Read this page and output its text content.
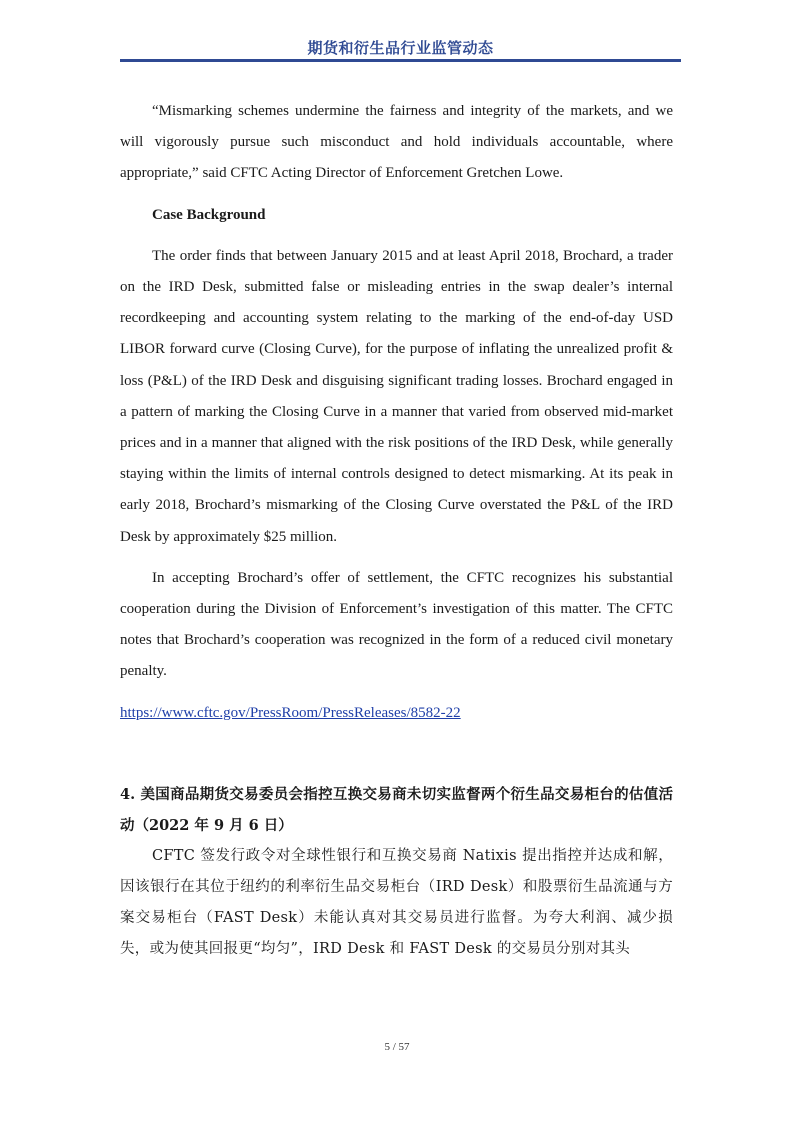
期货和衍生品行业监管动态

“Mismarking schemes undermine the fairness and integrity of the markets, and we will vigorously pursue such misconduct and hold individuals accountable, where appropriate,” said CFTC Acting Director of Enforcement Gretchen Lowe.

Case Background

The order finds that between January 2015 and at least April 2018, Brochard, a trader on the IRD Desk, submitted false or misleading entries in the swap dealer’s internal recordkeeping and accounting system relating to the marking of the end-of-day USD LIBOR forward curve (Closing Curve), for the purpose of inflating the unrealized profit & loss (P&L) of the IRD Desk and disguising significant trading losses. Brochard engaged in a pattern of marking the Closing Curve in a manner that varied from observed mid-market prices and in a manner that aligned with the risk positions of the IRD Desk, while generally staying within the limits of internal controls designed to detect mismarking. At its peak in early 2018, Brochard’s mismarking of the Closing Curve overstated the P&L of the IRD Desk by approximately $25 million.

In accepting Brochard’s offer of settlement, the CFTC recognizes his substantial cooperation during the Division of Enforcement’s investigation of this matter. The CFTC notes that Brochard’s cooperation was recognized in the form of a reduced civil monetary penalty.

https://www.cftc.gov/PressRoom/PressReleases/8582-22

4. 美国商品期货交易委员会指控互换交易商未切实监督两个衍生品交易柜台的估值活动（2022 年 9 月 6 日）

CFTC 签发行政令对全球性银行和互换交易商 Natixis 提出指控并达成和解，因该银行在其位于纽约的利率衍生品交易柜台（IRD Desk）和股票衍生品流通与方案交易柜台（FAST Desk）未能认真对其交易员进行监督。为夸大利润、减少损失，或为使其回报更“均匀”，IRD Desk 和 FAST Desk 的交易员分别对其头

5 / 57
